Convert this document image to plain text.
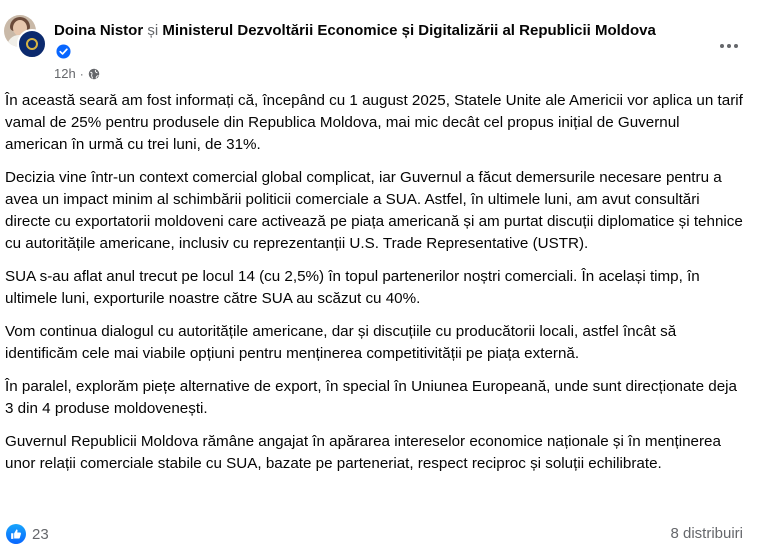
Doina Nistor și Ministerul Dezvoltării Economice și Digitalizării al Republicii Moldova
12h ·

În această seară am fost informați că, începând cu 1 august 2025, Statele Unite ale Americii vor aplica un tarif vamal de 25% pentru produsele din Republica Moldova, mai mic decât cel propus inițial de Guvernul american în urmă cu trei luni, de 31%.

Decizia vine într-un context comercial global complicat, iar Guvernul a făcut demersurile necesare pentru a avea un impact minim al schimbării politicii comerciale a SUA. Astfel, în ultimele luni, am avut consultări directe cu exportatorii moldoveni care activează pe piața americană și am purtat discuții diplomatice și tehnice cu autoritățile americane, inclusiv cu reprezentanții U.S. Trade Representative (USTR).

SUA s-au aflat anul trecut pe locul 14 (cu 2,5%) în topul partenerilor noștri comerciali. În același timp, în ultimele luni, exporturile noastre către SUA au scăzut cu 40%.

Vom continua dialogul cu autoritățile americane, dar și discuțiile cu producătorii locali, astfel încât să identificăm cele mai viabile opțiuni pentru menținerea competitivității pe piața externă.

În paralel, explorăm piețe alternative de export, în special în Uniunea Europeană, unde sunt direcționate deja 3 din 4 produse moldovenești.

Guvernul Republicii Moldova rămâne angajat în apărarea intereselor economice naționale și în menținerea unor relații comerciale stabile cu SUA, bazate pe parteneriat, respect reciproc și soluții echilibrate.

23	8 distribuiri
